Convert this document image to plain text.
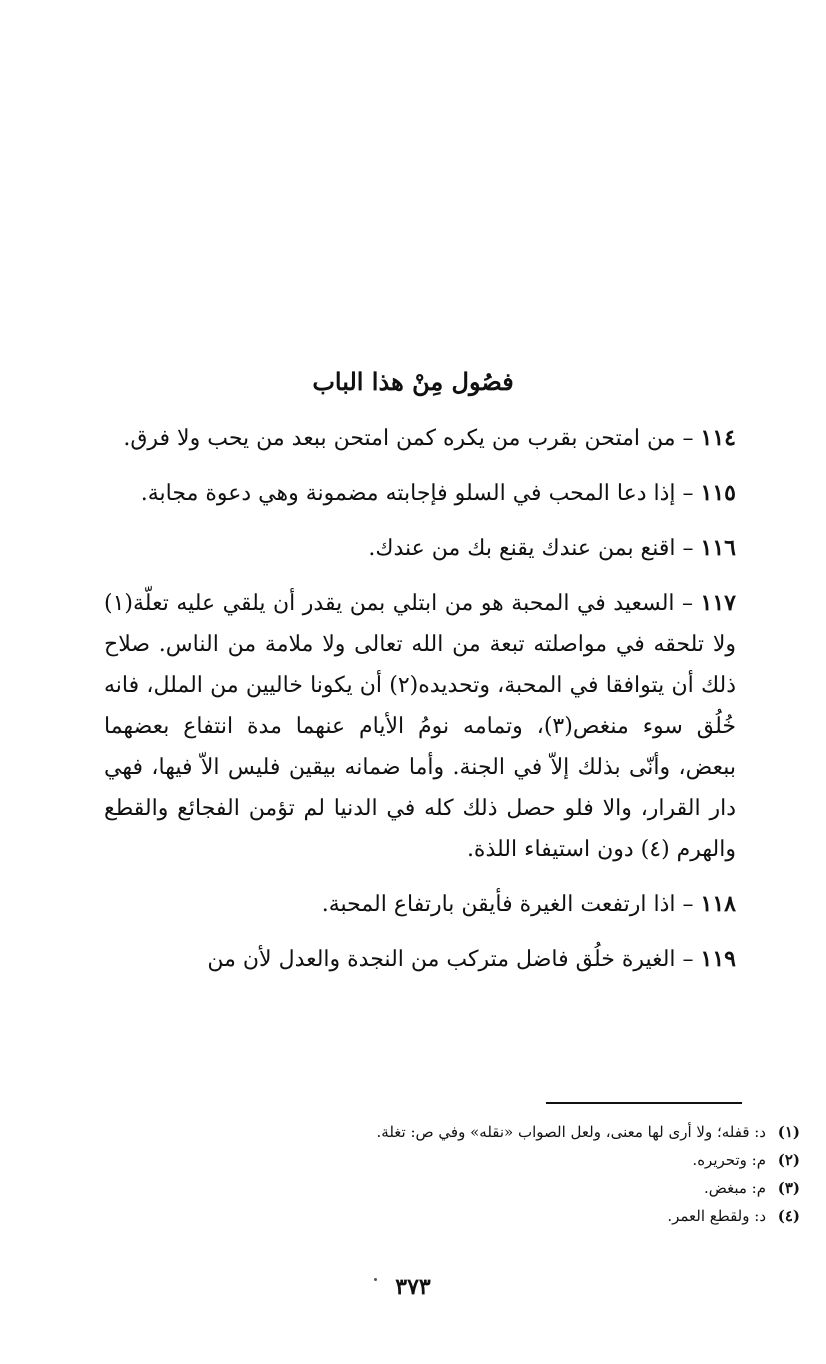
فصُول مِنْ هذا الباب

١١٤ – من امتحن بقرب من يكره كمن امتحن ببعد من يحب ولا فرق.

١١٥ – إذا دعا المحب في السلو فإجابته مضمونة وهي دعوة مجابة.

١١٦ – اقنع بمن عندك يقنع بك من عندك.

١١٧ – السعيد في المحبة هو من ابتلي بمن يقدر أن يلقي عليه تعلّة(١) ولا تلحقه في مواصلته تبعة من الله تعالى ولا ملامة من الناس. صلاح ذلك أن يتوافقا في المحبة، وتحديده(٢) أن يكونا خاليين من الملل، فانه خُلُق سوء منغص(٣)، وتمامه نومُ الأيام عنهما مدة انتفاع بعضهما ببعض، وأنّى بذلك إلاّ في الجنة. وأما ضمانه بيقين فليس الاّ فيها، فهي دار القرار، والا فلو حصل ذلك كله في الدنيا لم تؤمن الفجائع والقطع والهرم (٤) دون استيفاء اللذة.

١١٨ – اذا ارتفعت الغيرة فأيقن بارتفاع المحبة.

١١٩ – الغيرة خلُق فاضل متركب من النجدة والعدل لأن من

(١)د: قفله؛ ولا أرى لها معنى، ولعل الصواب «نقله» وفي ص: تغلة.
(٢)م: وتحريره.
(٣)م: مبغض.
(٤)د: ولقطع العمر.
٣٧٣
